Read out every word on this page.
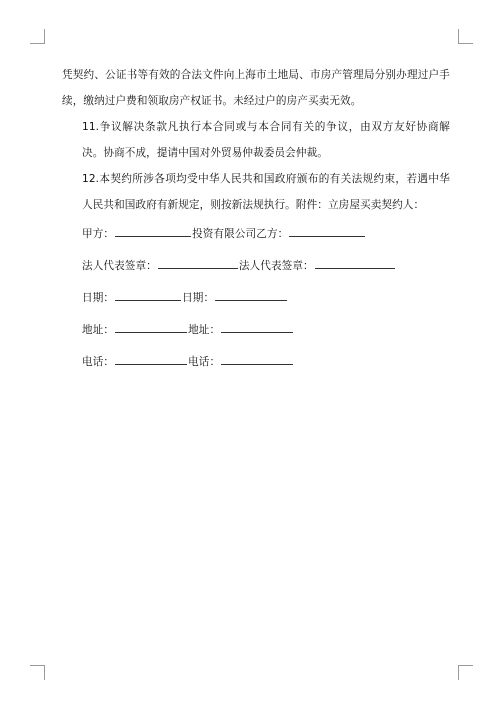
凭契约、公证书等有效的合法文件向上海市土地局、市房产管理局分别办理过户手续，缴纳过户费和领取房产权证书。未经过户的房产买卖无效。

11.争议解决条款凡执行本合同或与本合同有关的争议，由双方友好协商解决。协商不成，提请中国对外贸易仲裁委员会仲裁。

12.本契约所涉各项均受中华人民共和国政府颁布的有关法规约束，若遇中华人民共和国政府有新规定，则按新法规执行。附件：立房屋买卖契约人：

甲方：	投资有限公司乙方：
法人代表签章：	法人代表签章：
日期：	日期：
地址：	地址：
电话：	电话：
